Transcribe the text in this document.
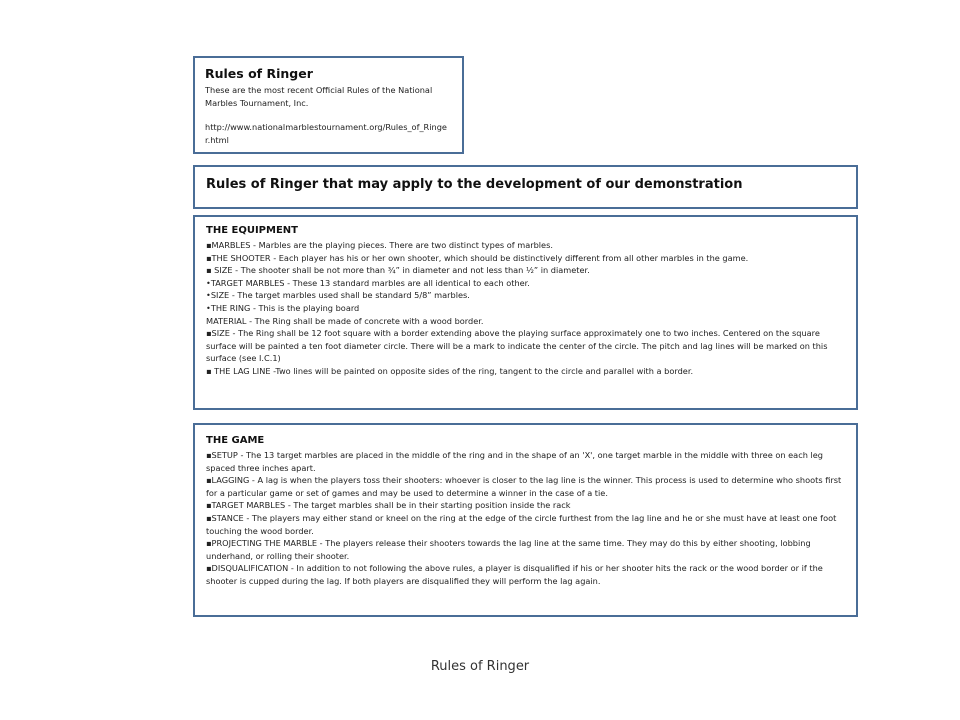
Rules of Ringer
These are the most recent Official Rules of the National Marbles Tournament, Inc.
http://www.nationalmarblestournament.org/Rules_of_Ringer.html
Rules of Ringer that may apply to the development of our demonstration
THE EQUIPMENT
▪MARBLES - Marbles are the playing pieces. There are two distinct types of marbles.
▪THE SHOOTER - Each player has his or her own shooter, which should be distinctively different from all other marbles in the game.
▪ SIZE - The shooter shall be not more than ¾” in diameter and not less than ½” in diameter.
•TARGET MARBLES - These 13 standard marbles are all identical to each other.
•SIZE - The target marbles used shall be standard 5/8” marbles.
•THE RING - This is the playing board
MATERIAL - The Ring shall be made of concrete with a wood border.
▪SIZE - The Ring shall be 12 foot square with a border extending above the playing surface approximately one to two inches. Centered on the square surface will be painted a ten foot diameter circle. There will be a mark to indicate the center of the circle. The pitch and lag lines will be marked on this surface (see I.C.1)
▪ THE LAG LINE -Two lines will be painted on opposite sides of the ring, tangent to the circle and parallel with a border.
THE GAME
▪SETUP - The 13 target marbles are placed in the middle of the ring and in the shape of an 'X', one target marble in the middle with three on each leg spaced three inches apart.
▪LAGGING - A lag is when the players toss their shooters: whoever is closer to the lag line is the winner. This process is used to determine who shoots first for a particular game or set of games and may be used to determine a winner in the case of a tie.
▪TARGET MARBLES - The target marbles shall be in their starting position inside the rack
▪STANCE - The players may either stand or kneel on the ring at the edge of the circle furthest from the lag line and he or she must have at least one foot touching the wood border.
▪PROJECTING THE MARBLE - The players release their shooters towards the lag line at the same time. They may do this by either shooting, lobbing underhand, or rolling their shooter.
▪DISQUALIFICATION - In addition to not following the above rules, a player is disqualified if his or her shooter hits the rack or the wood border or if the shooter is cupped during the lag. If both players are disqualified they will perform the lag again.
Rules of Ringer
